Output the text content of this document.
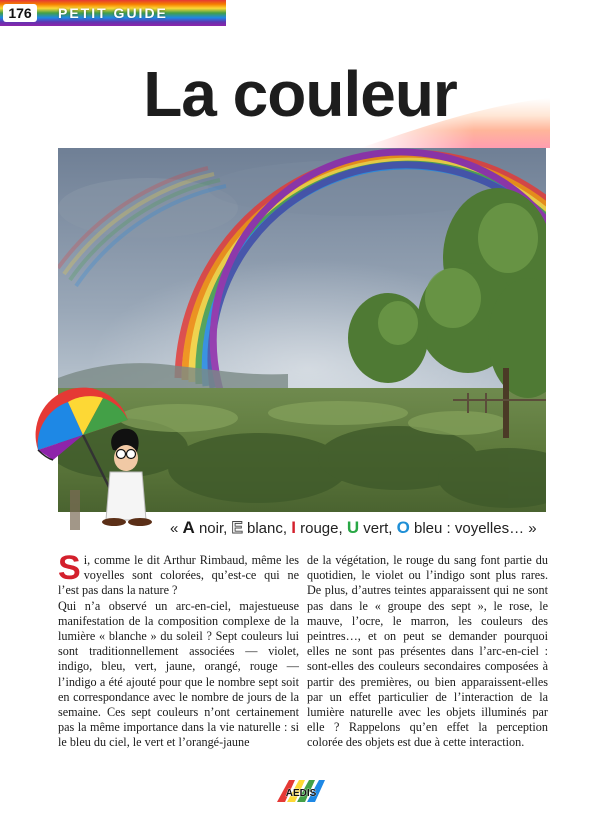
176	PETIT GUIDE
La couleur
« A noir, E blanc, I rouge, U vert, O bleu : voyelles… »

Si, comme le dit Arthur Rimbaud, même les voyelles sont colorées, qu’est-ce qui ne l’est pas dans la nature ?

Qui n’a observé un arc-en-ciel, majestueuse manifestation de la composition complexe de la lumière « blanche » du soleil ? Sept couleurs lui sont traditionnellement associées — violet, indigo, bleu, vert, jaune, orangé, rouge — l’indigo a été ajouté pour que le nombre sept soit en correspondance avec le nombre de jours de la semaine. Ces sept couleurs n’ont certainement pas la même importance dans la vie naturelle : si le bleu du ciel, le vert et l’orangé-jaune

de la végétation, le rouge du sang font partie du quotidien, le violet ou l’indigo sont plus rares. De plus, d’autres teintes apparaissent qui ne sont pas dans le « groupe des sept », le rose, le mauve, l’ocre, le marron, les couleurs des peintres…, et on peut se demander pourquoi elles ne sont pas présentes dans l’arc-en-ciel : sont-elles des couleurs secondaires composées à partir des premières, ou bien apparaissent-elles par un effet particulier de l’interaction de la lumière naturelle avec les objets illuminés par elle ? Rappelons qu’en effet la perception colorée des objets est due à cette interaction.

AEDIS
